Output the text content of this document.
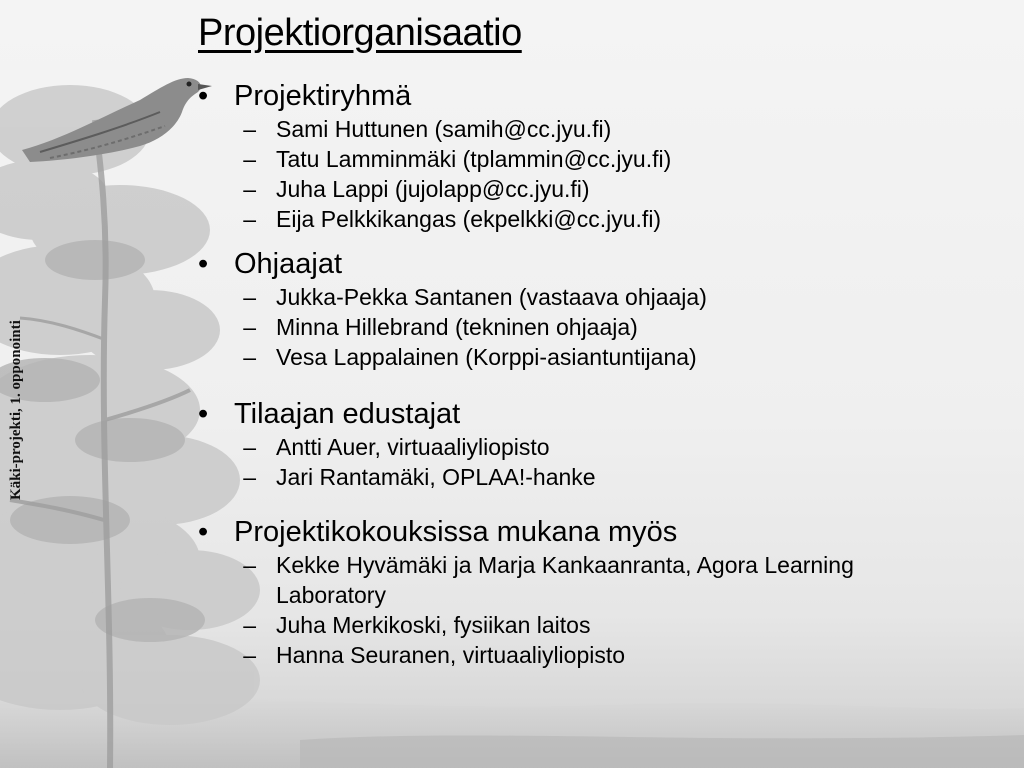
Käki-projekti, 1. opponointi
Projektiorganisaatio
• Projektiryhmä
– Sami Huttunen (samih@cc.jyu.fi)
– Tatu Lamminmäki (tplammin@cc.jyu.fi)
– Juha Lappi (jujolapp@cc.jyu.fi)
– Eija Pelkkikangas (ekpelkki@cc.jyu.fi)
• Ohjaajat
– Jukka-Pekka Santanen (vastaava ohjaaja)
– Minna Hillebrand (tekninen ohjaaja)
– Vesa Lappalainen (Korppi-asiantuntijana)
• Tilaajan edustajat
– Antti Auer, virtuaaliyliopisto
– Jari Rantamäki, OPLAA!-hanke
• Projektikokouksissa mukana myös
– Kekke Hyvämäki ja Marja Kankaanranta, Agora Learning Laboratory
– Juha Merkikoski, fysiikan laitos
– Hanna Seuranen, virtuaaliyliopisto
